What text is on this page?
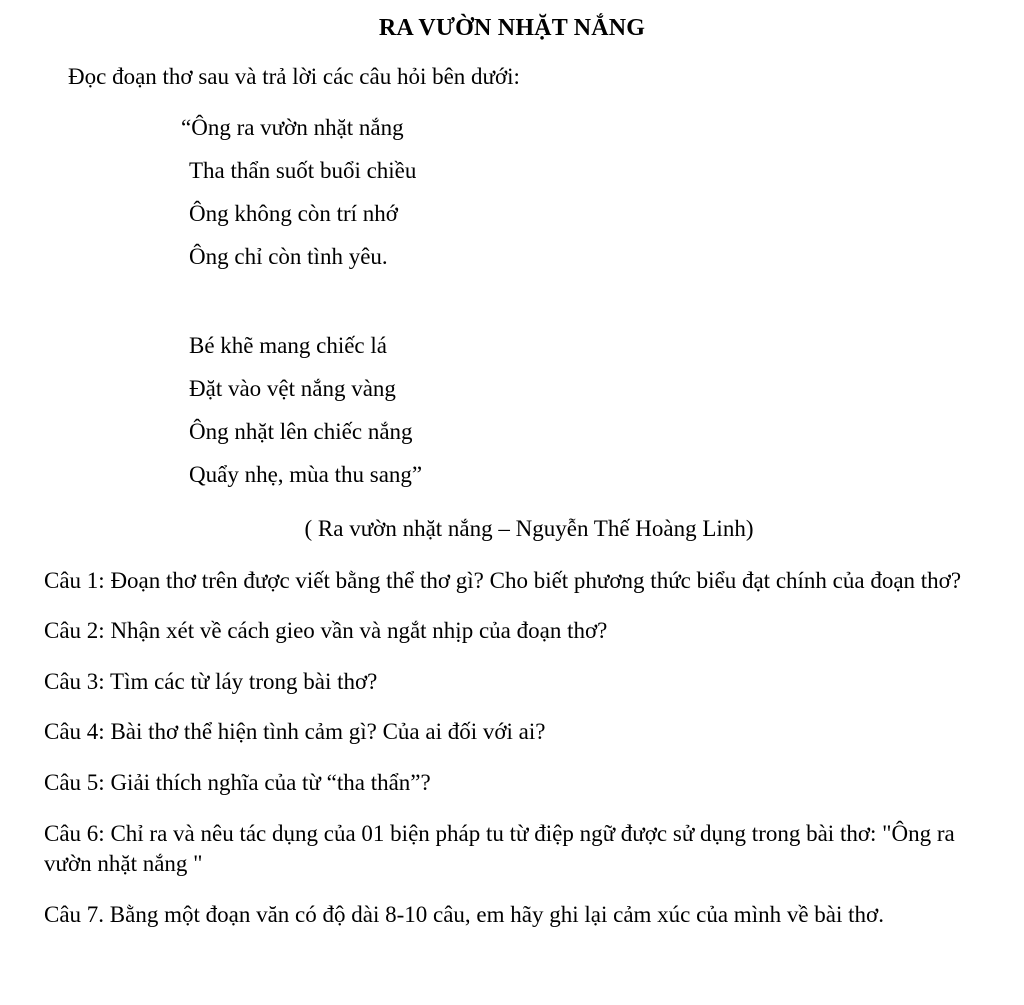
RA VƯỜN NHẶT NẮNG

Đọc đoạn thơ sau và trả lời các câu hỏi bên dưới:

“Ông ra vườn nhặt nắng
Tha thẩn suốt buổi chiều
Ông không còn trí nhớ
Ông chỉ còn tình yêu.
Bé khẽ mang chiếc lá
Đặt vào vệt nắng vàng
Ông nhặt lên chiếc nắng
Quẩy nhẹ, mùa thu sang”

( Ra vườn nhặt nắng – Nguyễn Thế Hoàng Linh)

Câu 1: Đoạn thơ trên được viết bằng thể thơ gì? Cho biết phương thức biểu đạt chính của đoạn thơ?

Câu 2: Nhận xét về cách gieo vần và ngắt nhịp của đoạn thơ?

Câu 3: Tìm các từ láy trong bài thơ?

Câu 4: Bài thơ thể hiện tình cảm gì? Của ai đối với ai?

Câu 5: Giải thích nghĩa của từ “tha thẩn”?

Câu 6: Chỉ ra và nêu tác dụng của 01 biện pháp tu từ điệp ngữ được sử dụng trong bài thơ: "Ông ra vườn nhặt nắng "

Câu 7. Bằng một đoạn văn có độ dài 8-10 câu, em hãy ghi lại cảm xúc của mình về bài thơ.
